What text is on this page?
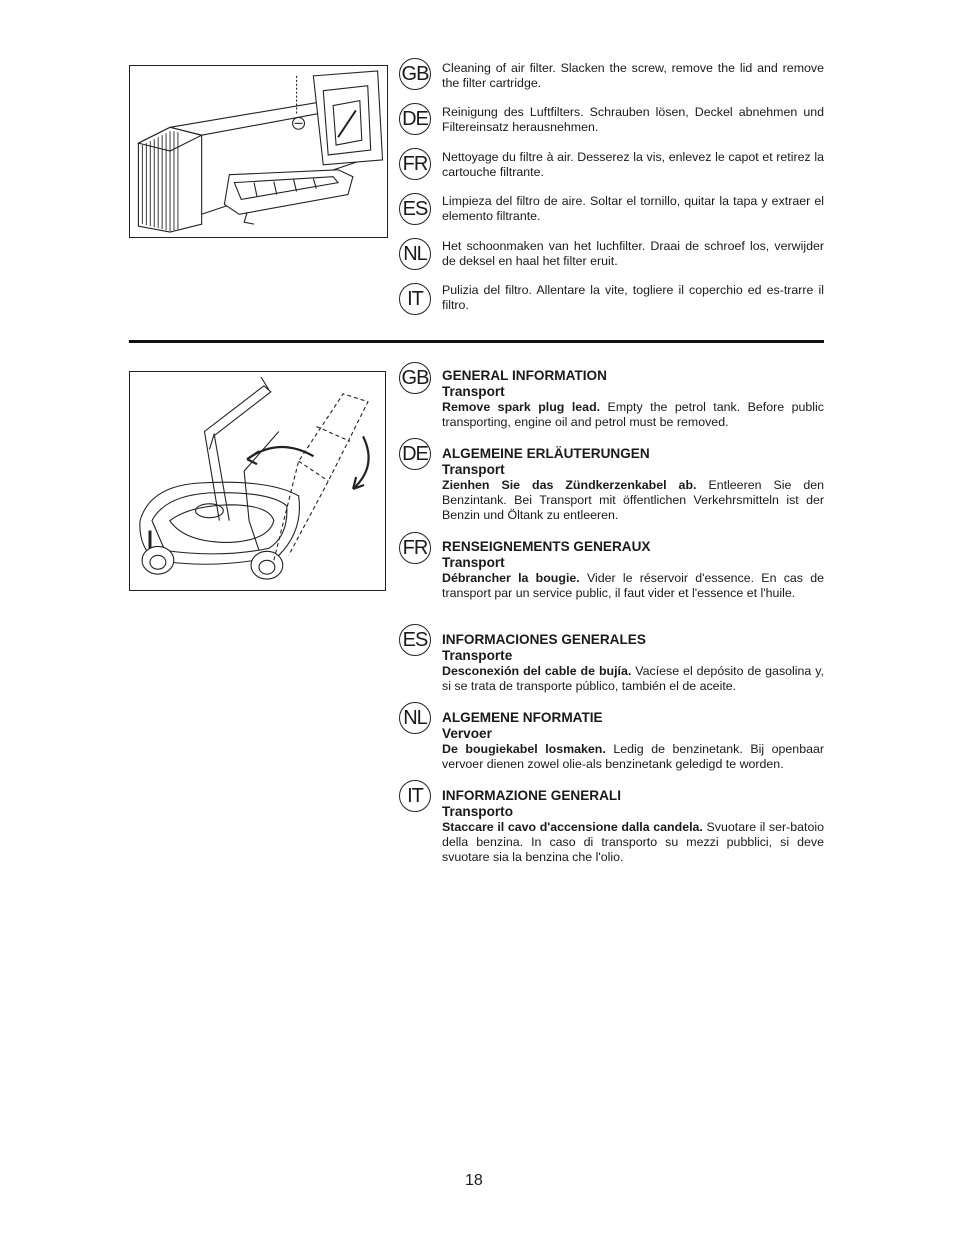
GB
DE
FR
ES
NL
IT

Cleaning of air filter. Slacken the screw, remove the lid and remove the filter cartridge.

Reinigung des Luftfilters. Schrauben lösen, Deckel abnehmen und Filtereinsatz herausnehmen.

Nettoyage du filtre à air. Desserez la vis, enlevez le capot et retirez la cartouche filtrante.

Limpieza del filtro de aire. Soltar el tornillo, quitar la tapa y extraer el elemento filtrante.

Het schoonmaken van het luchfilter. Draai de schroef los, verwijder de deksel en haal het filter eruit.

Pulizia del filtro. Allentare la vite, togliere il coperchio ed es-trarre il filtro.

GB
DE
FR
ES
NL
IT
GENERAL INFORMATION
Transport
Remove spark plug lead. Empty the petrol tank. Before public transporting, engine oil and petrol must be removed.
ALGEMEINE ERLÄUTERUNGEN
Transport
Zienhen Sie das Zündkerzenkabel ab. Entleeren Sie den Benzintank. Bei Transport mit öffentlichen Verkehrsmitteln ist der Benzin und Öltank zu entleeren.
RENSEIGNEMENTS GENERAUX
Transport
Débrancher la bougie. Vider le réservoir d'essence. En cas de transport par un service public, il faut vider et l'essence et l'huile.
INFORMACIONES GENERALES
Transporte
Desconexión del cable de bujía. Vacíese el depósito de gasolina y, si se trata de transporte público, también el de aceite.
ALGEMENE NFORMATIE
Vervoer
De bougiekabel losmaken. Ledig de benzinetank. Bij openbaar vervoer dienen zowel olie-als benzinetank geledigd te worden.
INFORMAZIONE GENERALI
Transporto
Staccare il cavo d'accensione dalla candela. Svuotare il ser-batoio della benzina. In caso di transporto su mezzi pubblici, si deve svuotare sia la benzina che l'olio.
18
